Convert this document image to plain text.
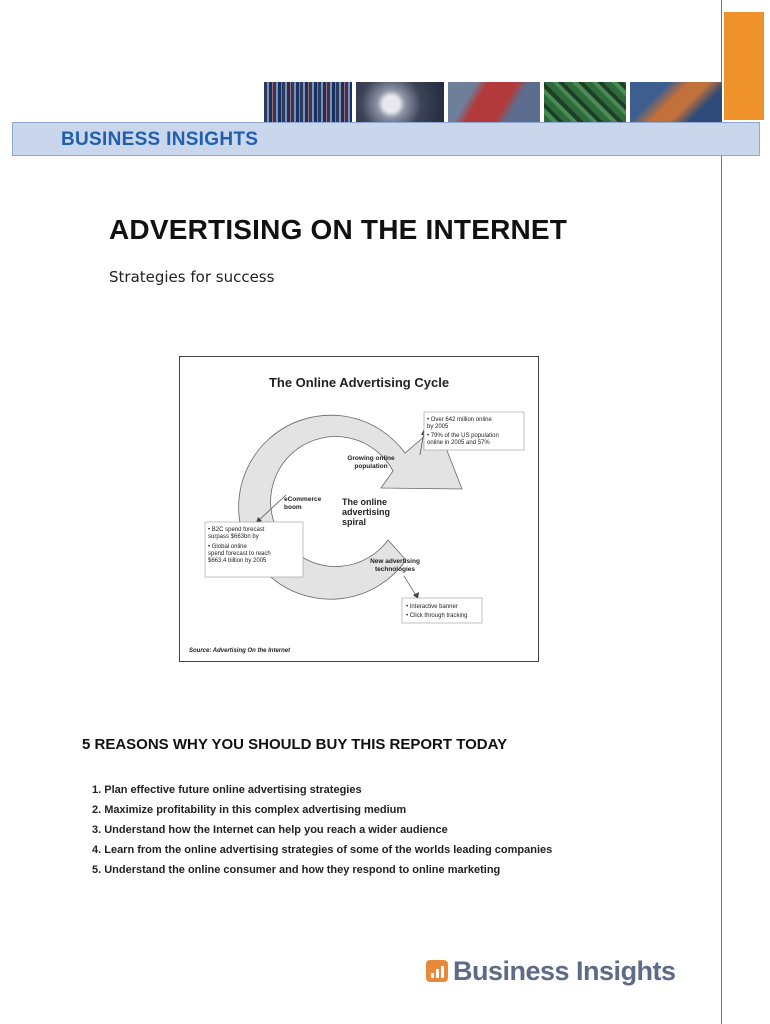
BUSINESS INSIGHTS
ADVERTISING ON THE INTERNET

Strategies for success

The Online Advertising Cycle
Growing online
population
eCommerce
boom
The online
advertising
spiral
New advertising
technologies
• Over 642 million online
by 2005
• 79% of the US population
online in 2005 and 57%
• B2C spend forecast
surpass $663bn by
• Global online
spend forecast to reach
$663.4 billion by 2005
• Interactive banner
• Click through tracking
Source: Advertising On the Internet
5 REASONS WHY YOU SHOULD BUY THIS REPORT TODAY
1. Plan effective future online advertising strategies
2. Maximize profitability in this complex advertising medium
3. Understand how the Internet can help you reach a wider audience
4. Learn from the online advertising strategies of some of the worlds leading companies
5. Understand the online consumer and how they respond to online marketing
Business Insights
